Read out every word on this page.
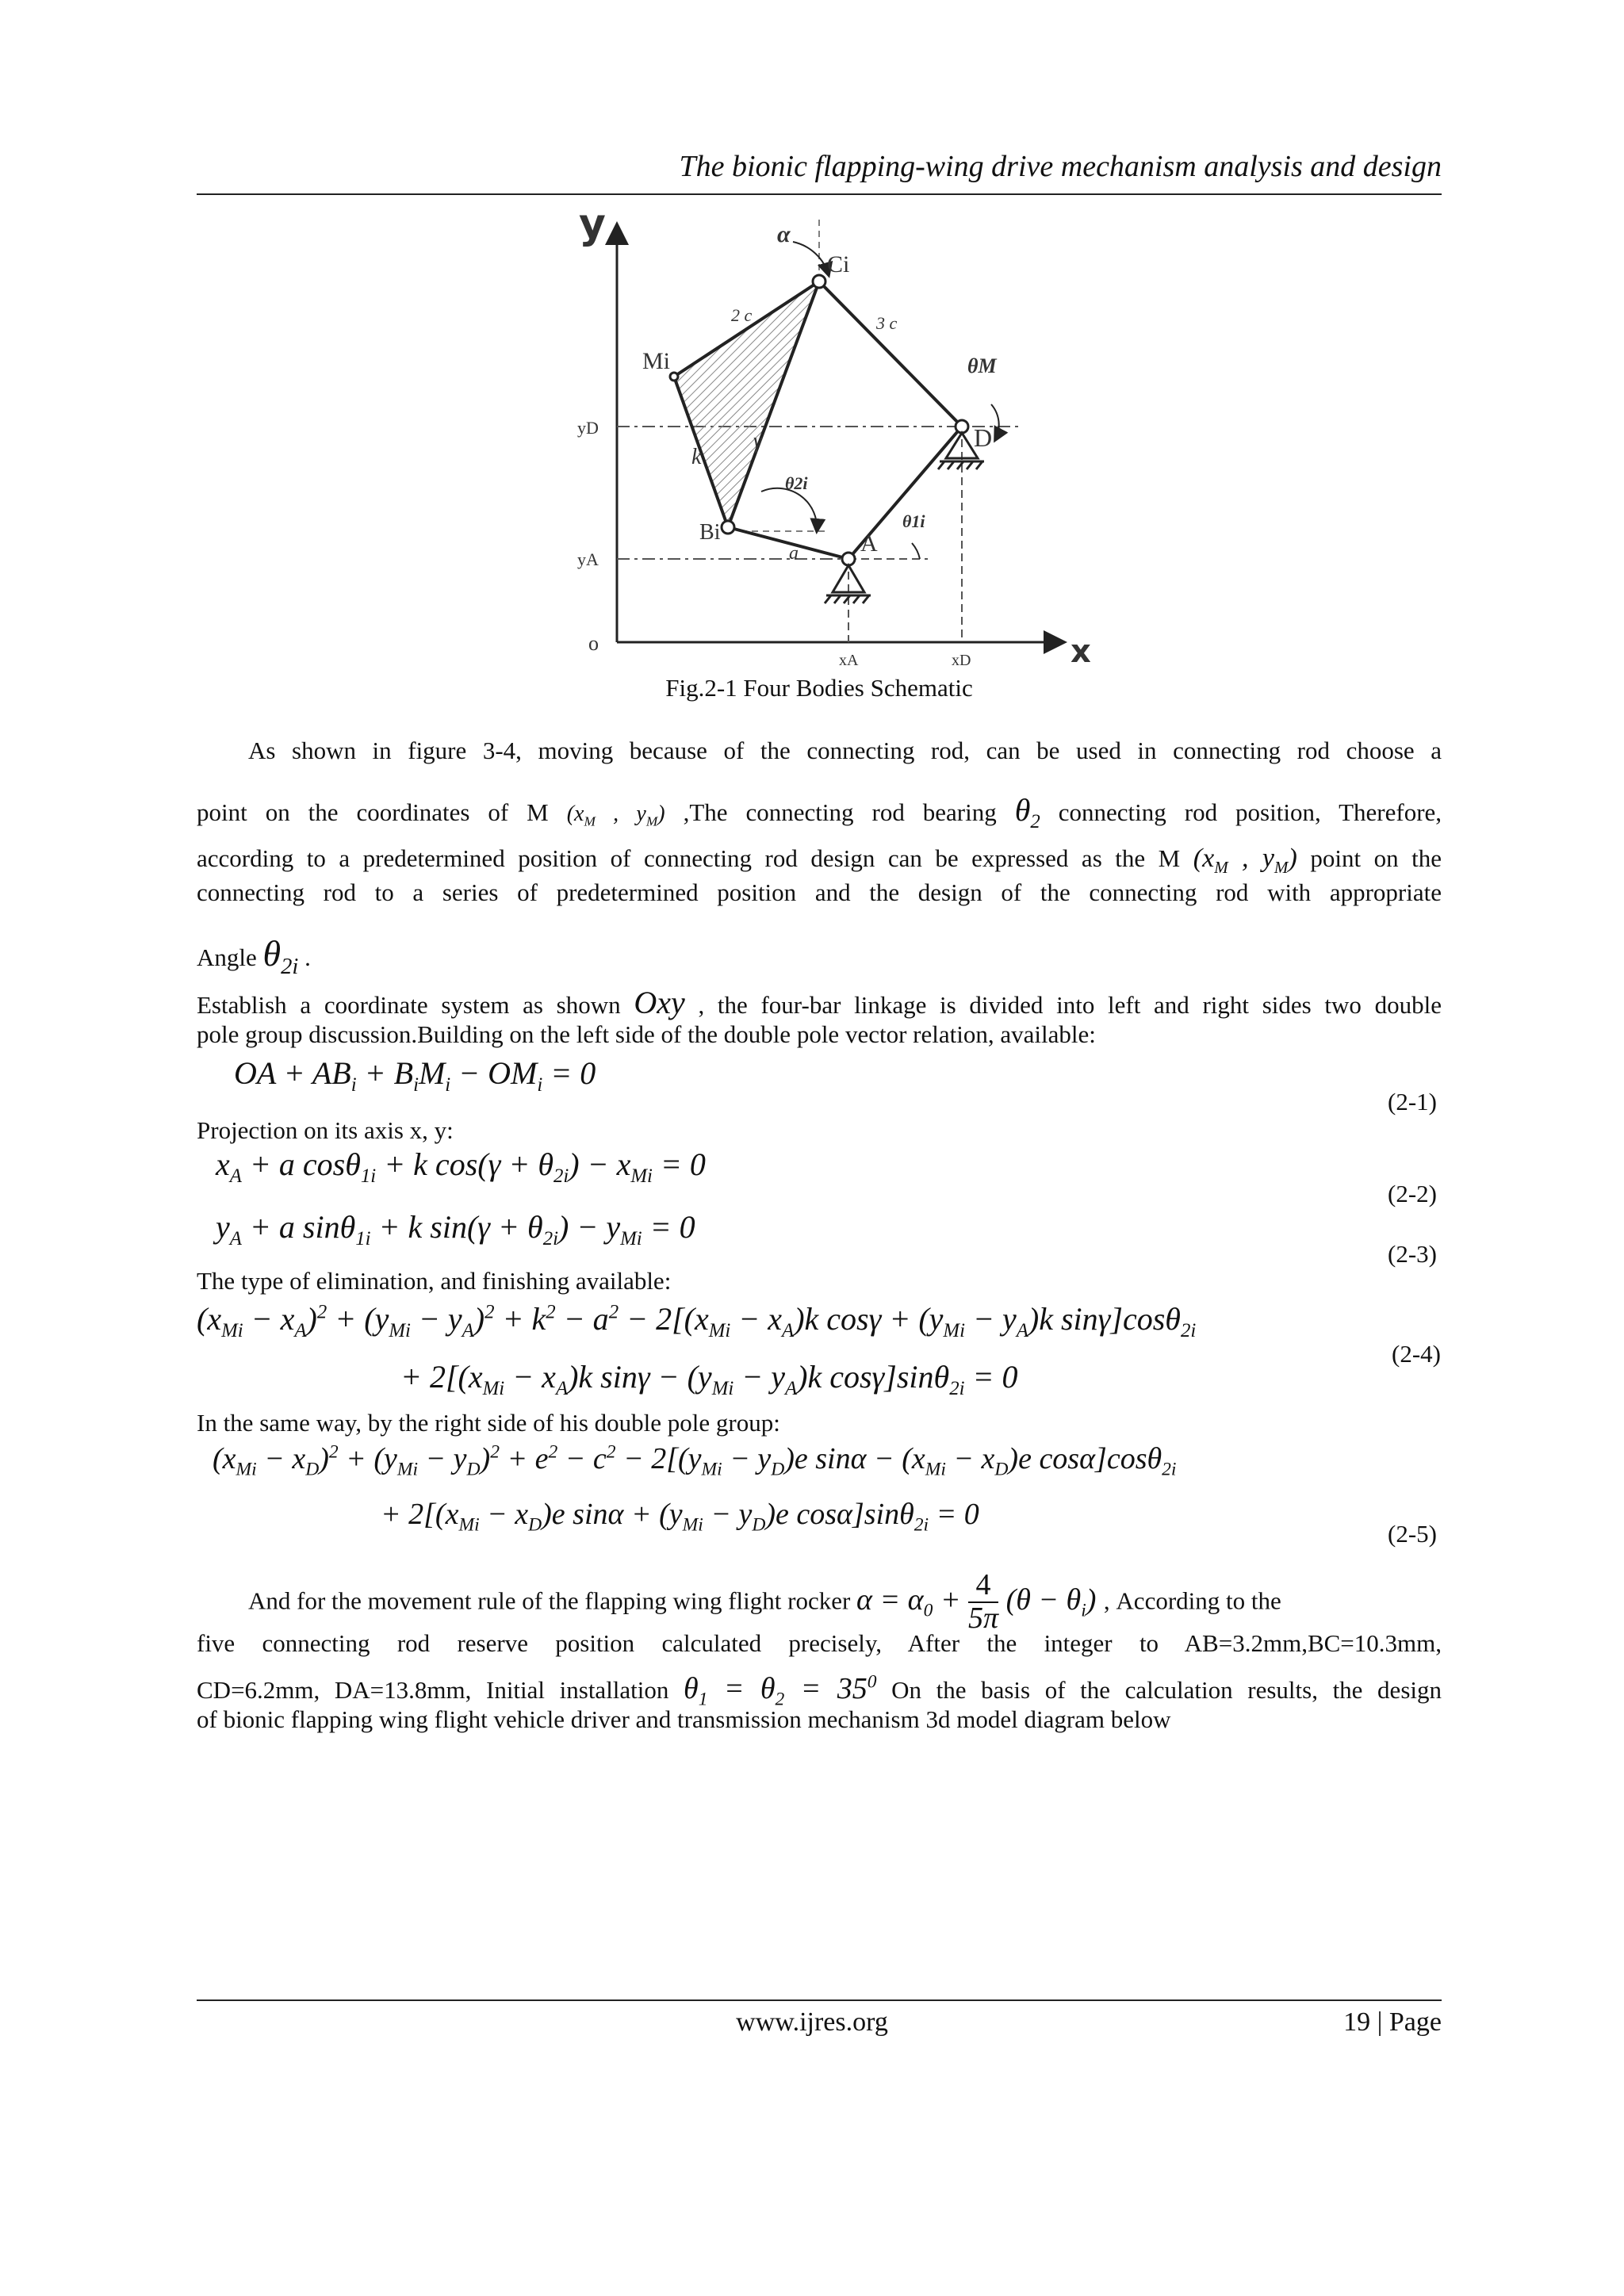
The bionic flapping-wing drive mechanism analysis and design
y
x
o
yD
yA
xA	xD
Mi
Ci
Bi	A
D
α
θM
θ2i
θ1i
γ
k
2 c	3 c
a
Fig.2-1 Four Bodies Schematic
As shown in figure 3-4, moving because of the connecting rod, can be used in connecting rod choose a
point on the coordinates of M ($x_M$ , $y_M$) ,The connecting rod bearing $\theta_2$ connecting rod position, Therefore,
according to a predetermined position of connecting rod design can be expressed as the M ($x_M$ , $y_M$) point on the
connecting rod to a series of predetermined position and the design of the connecting rod with appropriate
Angle $\theta_{2i}$ .
Establish a coordinate system as shown Oxy , the four-bar linkage is divided into left and right sides two double
pole group discussion.Building on the left side of the double pole vector relation, available:
OA + $AB_i + B_iM_i - OM_i = 0$
(2-1)
Projection on its axis x, y:
$x_A + a$ cosθ$_{1i}$ + k $\cos(\gamma + \theta_{2i}) - x_{Mi} = 0$
(2-2)
$y_A + a$ sinθ$_{1i}$ + k $\sin(\gamma + \theta_{2i}) - y_{Mi} = 0$
(2-3)
The type of elimination, and finishing available:
$(x_{Mi} - x_A)^2 + (y_{Mi} - y_A)^2 + k^2 - a^2 - 2[(x_{Mi} - x_A)k$ $\cos\gamma + (y_{Mi} - y_A)k$ sinγ]cosθ$_{2i}$
+ $2[(x_{Mi} - x_A)k$ $\sin\gamma - (y_{Mi} - y_A)k$ cosγ]sinθ$_{2i}$ = 0
(2-4)
In the same way, by the right side of his double pole group:
$(x_{Mi} - x_D)^2 + (y_{Mi} - y_D)^2 + e^2 - c^2 - 2[(y_{Mi} - y_D)e$ $\sin\alpha - (x_{Mi} - x_D)e$ cosα]cosθ$_{2i}$
+ $2[(x_{Mi} - x_D)e$ $\sin\alpha + (y_{Mi} - y_D)e$ cosα]sinθ$_{2i}$ = 0
(2-5)
And for the movement rule of the flapping wing flight rocker $\alpha = \alpha_0 + \frac{4}{5\pi} (\theta - \theta_i)$ , According to the
five connecting rod reserve position calculated precisely, After the integer to AB=3.2mm,BC=10.3mm,
CD=6.2mm, DA=13.8mm, Initial installation $\theta_1 = \theta_2 = 35^0$ On the basis of the calculation results, the design
of bionic flapping wing flight vehicle driver and transmission mechanism 3d model diagram below
www.ijres.org	19 | Page
